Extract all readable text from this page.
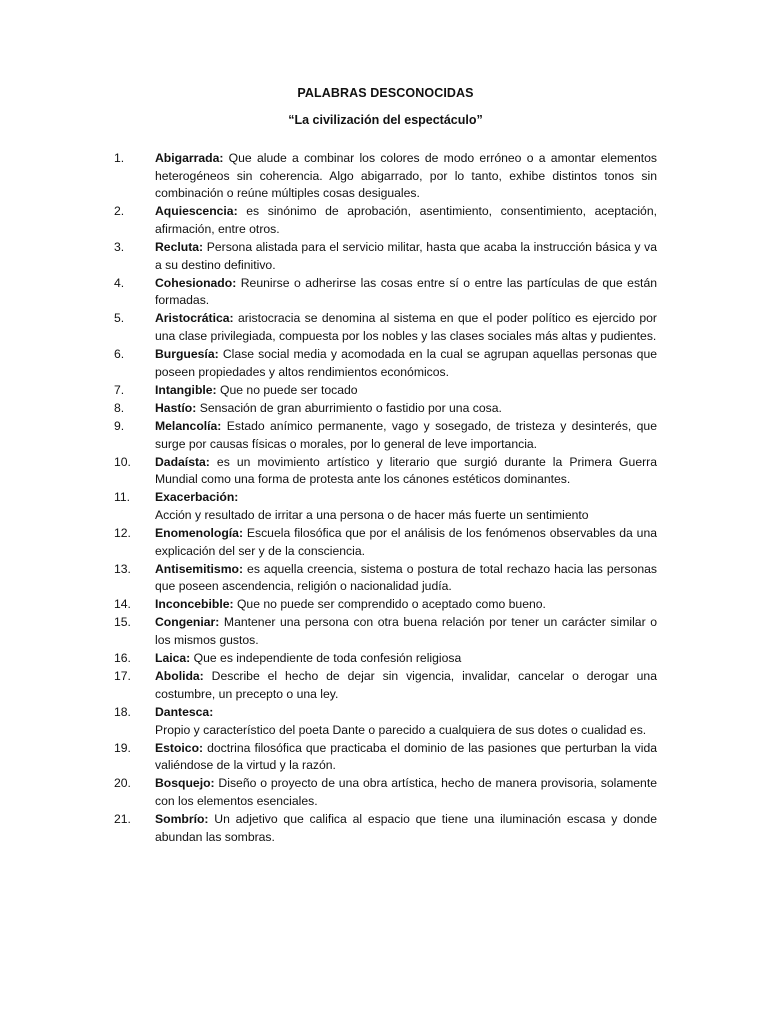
PALABRAS DESCONOCIDAS
“La civilización del espectáculo”
1.	Abigarrada: Que alude a combinar los colores de modo erróneo o a amontar elementos heterogéneos sin coherencia. Algo abigarrado, por lo tanto, exhibe distintos tonos sin combinación o reúne múltiples cosas desiguales.
2.	Aquiescencia: es sinónimo de aprobación, asentimiento, consentimiento, aceptación, afirmación, entre otros.
3.	Recluta: Persona alistada para el servicio militar, hasta que acaba la instrucción básica y va a su destino definitivo.
4.	Cohesionado: Reunirse o adherirse las cosas entre sí o entre las partículas de que están formadas.
5.	Aristocrática: aristocracia se denomina al sistema en que el poder político es ejercido por una clase privilegiada, compuesta por los nobles y las clases sociales más altas y pudientes.
6.	Burguesía: Clase social media y acomodada en la cual se agrupan aquellas personas que poseen propiedades y altos rendimientos económicos.
7.	Intangible: Que no puede ser tocado
8.	Hastío: Sensación de gran aburrimiento o fastidio por una cosa.
9.	Melancolía: Estado anímico permanente, vago y sosegado, de tristeza y desinterés, que surge por causas físicas o morales, por lo general de leve importancia.
10.	Dadaísta: es un movimiento artístico y literario que surgió durante la Primera Guerra Mundial como una forma de protesta ante los cánones estéticos dominantes.
11.	Exacerbación:
Acción y resultado de irritar a una persona o de hacer más fuerte un sentimiento
12.	Enomenología: Escuela filosófica que por el análisis de los fenómenos observables da una explicación del ser y de la consciencia.
13.	Antisemitismo: es aquella creencia, sistema o postura de total rechazo hacia las personas que poseen ascendencia, religión o nacionalidad judía.
14.	Inconcebible: Que no puede ser comprendido o aceptado como bueno.
15.	Congeniar: Mantener una persona con otra buena relación por tener un carácter similar o los mismos gustos.
16.	Laica: Que es independiente de toda confesión religiosa
17.	Abolida: Describe el hecho de dejar sin vigencia, invalidar, cancelar o derogar una costumbre, un precepto o una ley.
18.	Dantesca:
Propio y característico del poeta Dante o parecido a cualquiera de sus dotes o cualidad es.
19.	Estoico: doctrina filosófica que practicaba el dominio de las pasiones que perturban la vida valiéndose de la virtud y la razón.
20.	Bosquejo: Diseño o proyecto de una obra artística, hecho de manera provisoria, solamente con los elementos esenciales.
21.	Sombrío: Un adjetivo que califica al espacio que tiene una iluminación escasa y donde abundan las sombras.
